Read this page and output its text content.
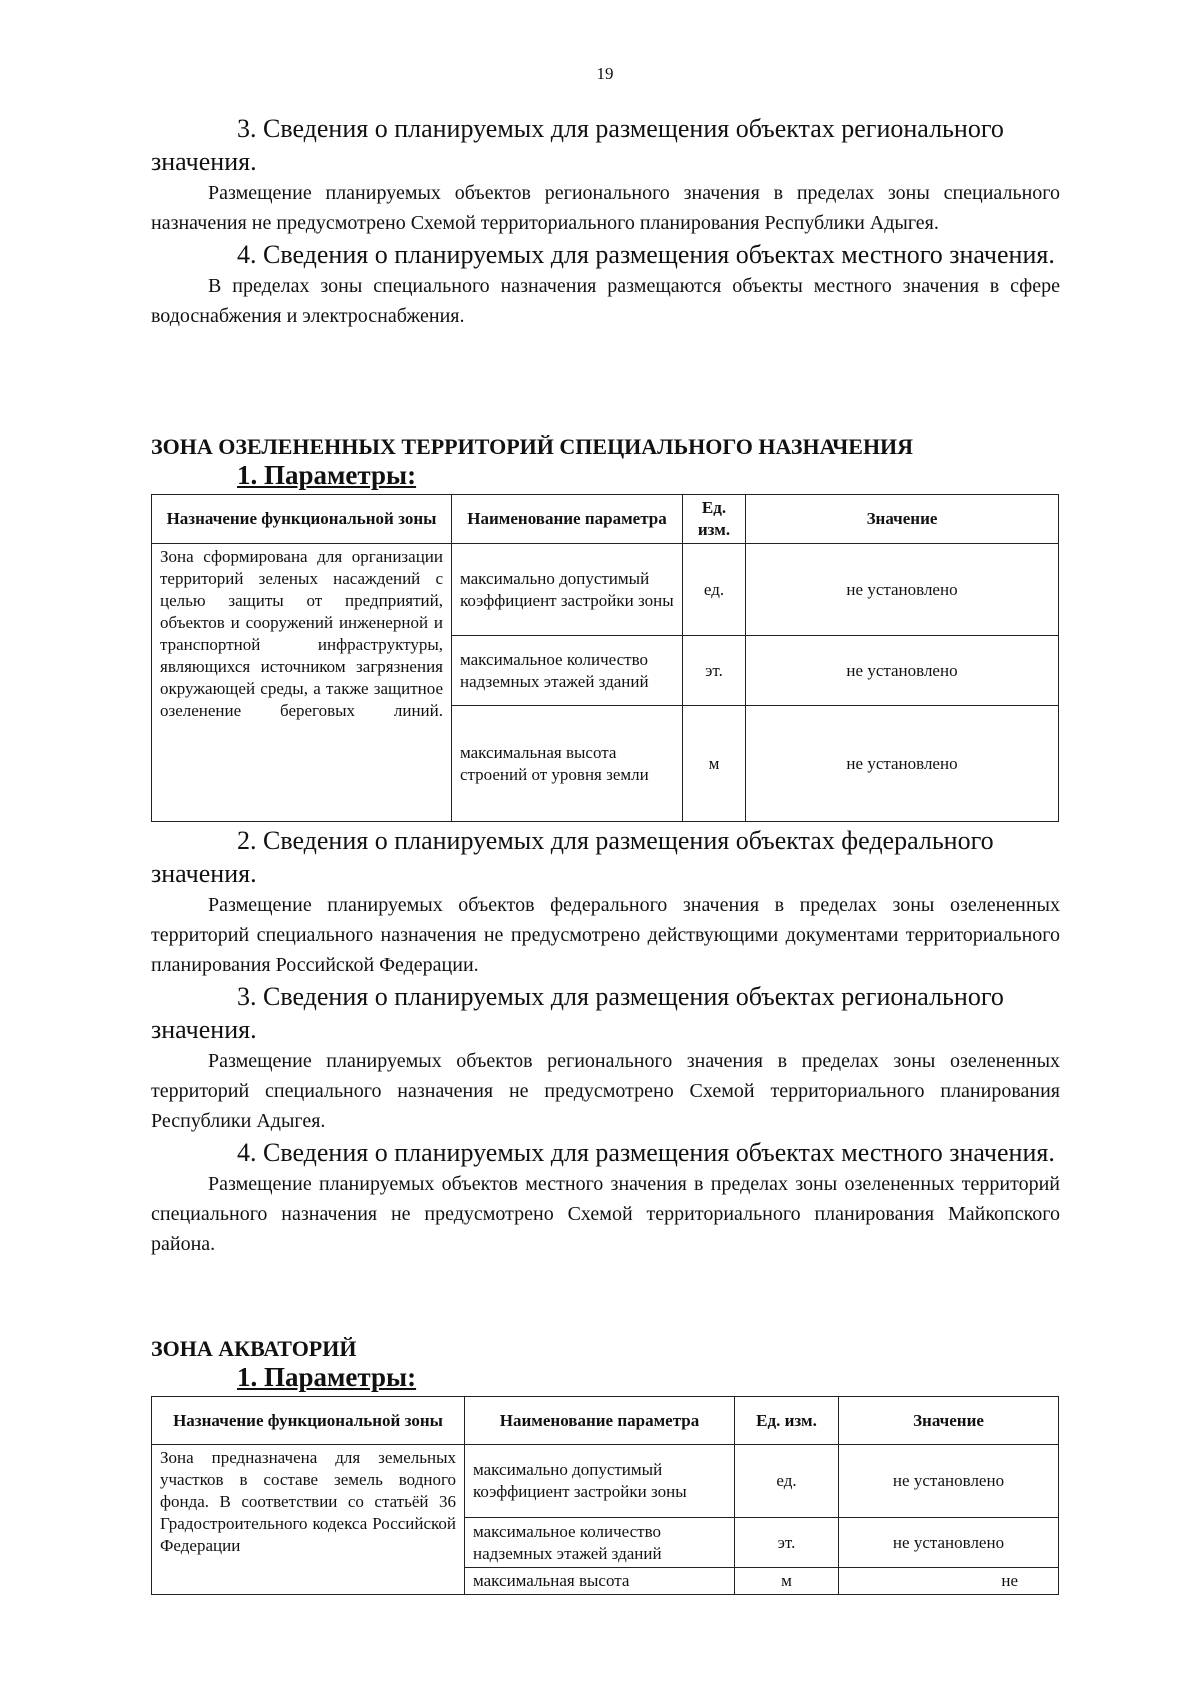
19

3. Сведения о планируемых для размещения объектах регионального значения.

Размещение планируемых объектов регионального значения в пределах зоны специального назначения не предусмотрено Схемой территориального планирования Республики Адыгея.

4. Сведения о планируемых для размещения объектах местного значения.

В пределах зоны специального назначения размещаются объекты местного значения в сфере водоснабжения и электроснабжения.

ЗОНА ОЗЕЛЕНЕННЫХ ТЕРРИТОРИЙ СПЕЦИАЛЬНОГО НАЗНАЧЕНИЯ

1. Параметры:

Назначение функциональной зоны	Наименование параметра	Ед. изм.	Значение
Зона сформирована для организации территорий зеленых насаждений с целью защиты от предприятий, объектов и сооружений инженерной и транспортной инфраструктуры, являющихся источником загрязнения окружающей среды, а также защитное озеленение береговых линий.	максимально допустимый коэффициент застройки зоны	ед.	не установлено
	максимальное количество надземных этажей зданий	эт.	не установлено
	максимальная высота строений от уровня земли	м	не установлено

2. Сведения о планируемых для размещения объектах федерального значения.

Размещение планируемых объектов федерального значения в пределах зоны озелененных территорий специального назначения не предусмотрено действующими документами территориального планирования Российской Федерации.

3. Сведения о планируемых для размещения объектах регионального значения.

Размещение планируемых объектов регионального значения в пределах зоны озелененных территорий специального назначения не предусмотрено Схемой территориального планирования Республики Адыгея.

4. Сведения о планируемых для размещения объектах местного значения.

Размещение планируемых объектов местного значения в пределах зоны озелененных территорий специального назначения не предусмотрено Схемой территориального планирования Майкопского района.

ЗОНА АКВАТОРИЙ

1. Параметры:

Назначение функциональной зоны	Наименование параметра	Ед. изм.	Значение
Зона предназначена для земельных участков в составе земель водного фонда. В соответствии со статьёй 36 Градостроительного кодекса Российской Федерации	максимально допустимый коэффициент застройки зоны	ед.	не установлено
	максимальное количество надземных этажей зданий	эт.	не установлено
	максимальная высота	м	не
